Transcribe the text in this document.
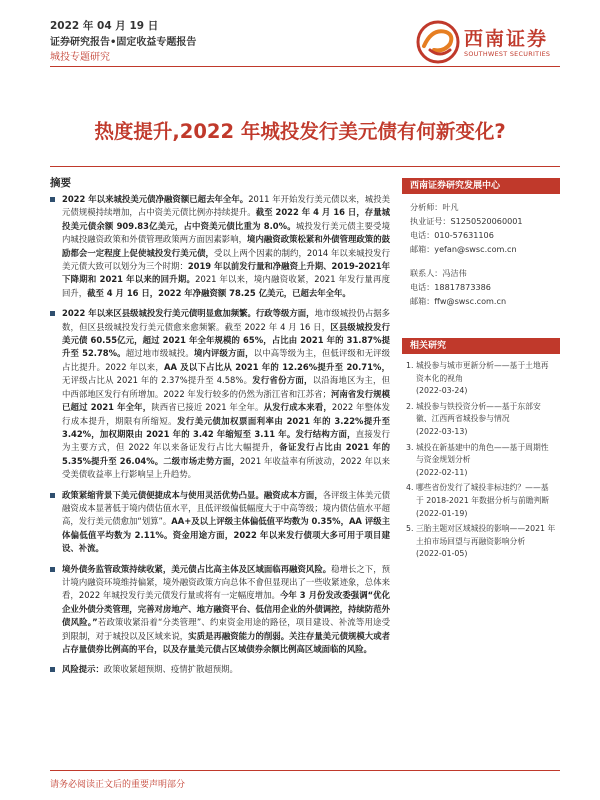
2022 年 04 月 19 日
证券研究报告•固定收益专题报告
城投专题研究
西南证券
SOUTHWEST SECURITIES
热度提升,2022 年城投发行美元债有何新变化?
摘要
2022 年以来城投美元债净融资额已超去年全年。2011 年开始发行美元债以来，城投美元债规模持续增加，占中资美元债比例亦持续提升。截至 2022 年 4 月 16 日，存量城投美元债余额 909.83亿美元，占中资美元债比重为 8.0%。城投发行美元债主要受境内城投融资政策和外债管理政策两方面因素影响，境内融资政策松紧和外债管理政策的鼓励都会一定程度上促使城投发行美元债，受以上两个因素的制约，2014 年以来城投发行美元债大致可以划分为三个时期：2019 年以前发行量和净融资上升期、2019-2021年下降期和 2021 年以来的回升期。2021 年以来，境内融资收紧，2021 年发行量再度回升，截至 4 月 16 日，2022 年净融资额 78.25 亿美元，已超去年全年。
2022 年以来区县级城投发行美元债明显愈加频繁。行政等级方面，地市级城投仍占据多数，但区县级城投发行美元债愈来愈频繁。截至 2022 年 4 月 16 日，区县级城投发行美元债 60.55亿元，超过 2021 年全年规模的 65%，占比由 2021 年的 31.87%提升至 52.78%。超过地市级城投。境内评级方面，以中高等级为主，但低评级和无评级占比提升。2022 年以来，AA 及以下占比从 2021 年的 12.26%提升至 20.71%，无评级占比从 2021 年的 2.37%提升至 4.58%。发行省份方面，以沿海地区为主，但中西部地区发行有所增加。2022 年发行较多的仍然为浙江省和江苏省；河南省发行规模已超过 2021 年全年，陕西省已接近 2021 年全年。从发行成本来看，2022 年整体发行成本提升，期限有所缩短。发行美元债加权票面利率由 2021 年的 3.22%提升至 3.42%，加权期限由 2021 年的 3.42 年缩短至 3.11 年。发行结构方面，直接发行为主要方式，但 2022 年以来备证发行占比大幅提升，备证发行占比由 2021 年的 5.35%提升至 26.04%。二级市场走势方面，2021 年收益率有所波动，2022 年以来受美债收益率上行影响呈上升趋势。
政策紧缩背景下美元债便捷成本与使用灵活优势凸显。融资成本方面，各评级主体美元债融资成本显著低于境内债估值水平，且低评级偏低幅度大于中高等级；境内债估值水平超高，发行美元债愈加“划算”。AA+及以上评级主体偏低值平均数为 0.35%，AA 评级主体偏低值平均数为 2.11%。资金用途方面，2022 年以来发行债项大多可用于项目建设、补流。
境外债务监管政策持续收紧，美元债占比高主体及区域面临再融资风险。稳增长之下，预计境内融资环境维持偏紧，境外融资政策方向总体不會但显现出了一些收紧迹象，总体来看，2022 年城投发行美元债发行量或将有一定幅度增加。今年 3 月份发改委强调“优化企业外债分类管理，完善对房地产、地方融资平台、低信用企业的外债调控，持续防范外债风险。”若政策收紧沿着“分类管理”、约束资金用途的路径，项目建设、补流等用途受到限制，对于城投以及区域来说，实质是再融资能力的削弱。关注存量美元债规模大或者占存量债券比例高的平台，以及存量美元债占区域债券余额比例高区域面临的风险。
风险提示：政策收紧超预期、疫情扩散超预期。
西南证券研究发展中心
分析师：叶凡
执业证号：S1250520060001
电话：010-57631106
邮箱：yefan@swsc.com.cn
联系人：冯洁伟
电话：18817873386
邮箱：ffw@swsc.com.cn
相关研究
1. 城投参与城市更新分析——基于土地再资本化的视角
(2022-03-24)
2. 城投参与铁投资分析——基于东部安徽、江西两省城投参与情况
(2022-03-13)
3. 城投在新基建中的角色——基于周期性与资金规划分析
(2022-02-11)
4. 哪些省份发行了城投非标违约？——基于 2018-2021 年数据分析与前瞻判断
(2022-01-19)
5. 三胎主题对区域城投的影响——2021 年土拍市场回望与再融资影响分析
(2022-01-05)
请务必阅读正文后的重要声明部分
